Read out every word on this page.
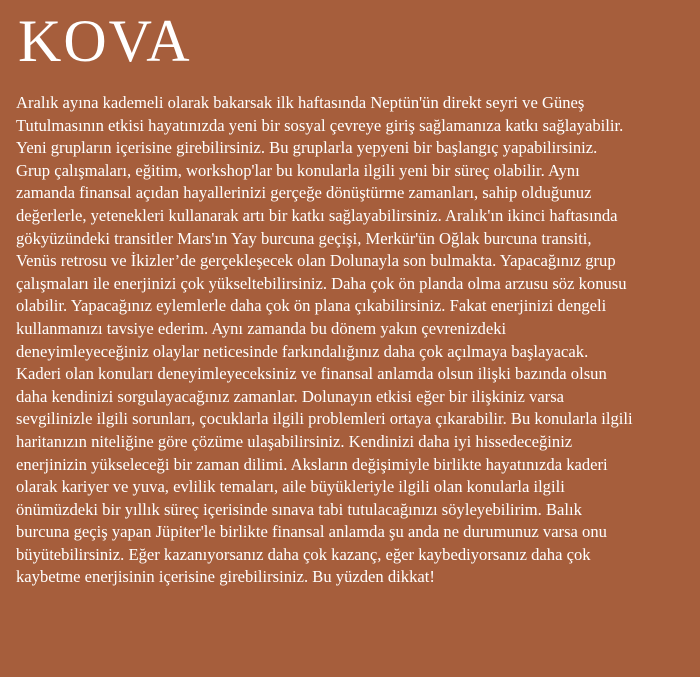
KOVA
Aralık ayına kademeli olarak bakarsak ilk haftasında Neptün'ün direkt seyri ve Güneş
Tutulmasının etkisi hayatınızda yeni bir sosyal çevreye giriş sağlamanıza katkı sağlayabilir.
Yeni grupların içerisine girebilirsiniz. Bu gruplarla yepyeni bir başlangıç yapabilirsiniz.
Grup çalışmaları, eğitim, workshop'lar bu konularla ilgili yeni bir süreç olabilir. Aynı
zamanda finansal açıdan hayallerinizi gerçeğe dönüştürme zamanları, sahip olduğunuz
değerlerle, yetenekleri kullanarak artı bir katkı sağlayabilirsiniz. Aralık'ın ikinci haftasında
gökyüzündeki transitler Mars'ın Yay burcuna geçişi, Merkür'ün Oğlak burcuna transiti,
Venüs retrosu ve İkizler’de gerçekleşecek olan Dolunayla son bulmakta. Yapacağınız grup
çalışmaları ile enerjinizi çok yükseltebilirsiniz. Daha çok ön planda olma arzusu söz konusu
olabilir. Yapacağınız eylemlerle daha çok ön plana çıkabilirsiniz. Fakat enerjinizi dengeli
kullanmanızı tavsiye ederim. Aynı zamanda bu dönem yakın çevrenizdeki
deneyimleyeceğiniz olaylar neticesinde farkındalığınız daha çok açılmaya başlayacak.
Kaderi olan konuları deneyimleyeceksiniz ve finansal anlamda olsun ilişki bazında olsun
daha kendinizi sorgulayacağınız zamanlar. Dolunayın etkisi eğer bir ilişkiniz varsa
sevgilinizle ilgili sorunları, çocuklarla ilgili problemleri ortaya çıkarabilir. Bu konularla ilgili
haritanızın niteliğine göre çözüme ulaşabilirsiniz. Kendinizi daha iyi hissedeceğiniz
enerjinizin yükseleceği bir zaman dilimi. Aksların değişimiyle birlikte hayatınızda kaderi
olarak kariyer ve yuva, evlilik temaları, aile büyükleriyle ilgili olan konularla ilgili
önümüzdeki bir yıllık süreç içerisinde sınava tabi tutulacağınızı söyleyebilirim. Balık
burcuna geçiş yapan Jüpiter'le birlikte finansal anlamda şu anda ne durumunuz varsa onu
büyütebilirsiniz. Eğer kazanıyorsanız daha çok kazanç, eğer kaybediyorsanız daha çok
kaybetme enerjisinin içerisine girebilirsiniz. Bu yüzden dikkat!
